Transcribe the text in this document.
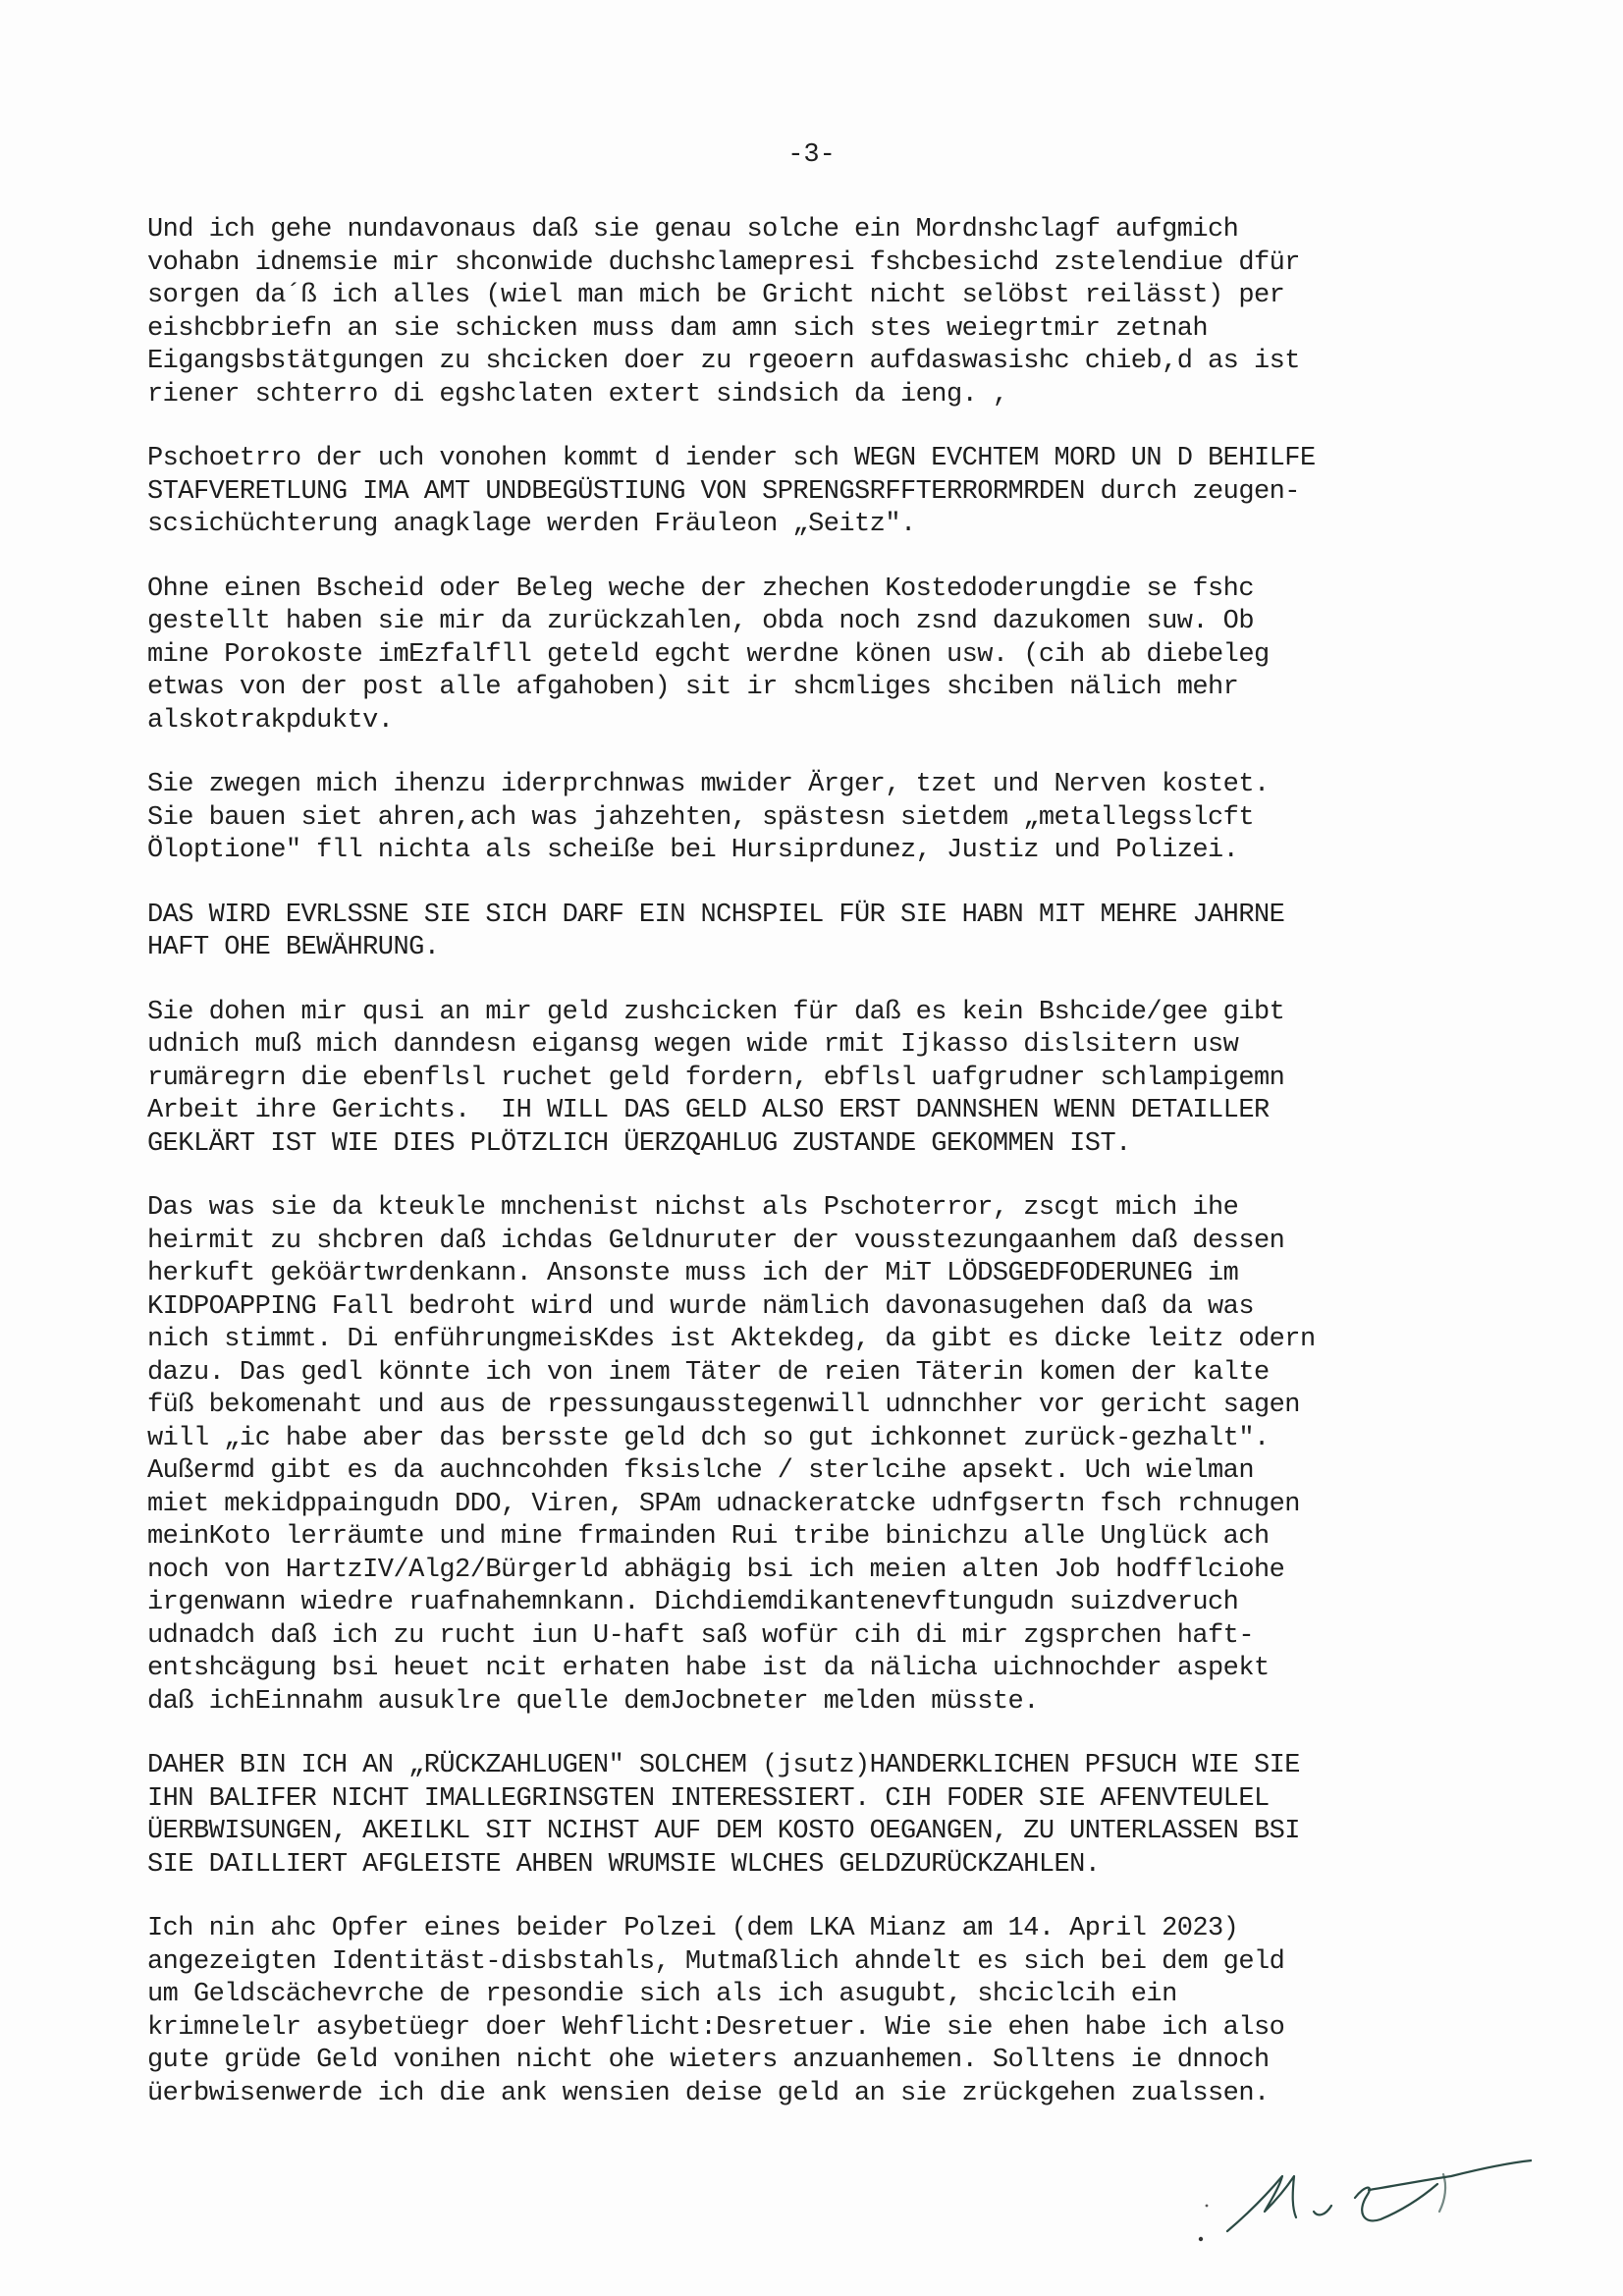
-3-
Und ich gehe nundavonaus daß sie genau solche ein Mordnshclagf aufgmich
vohabn idnemsie mir shconwide duchshclamepresi fshcbesichd zstelendiue dfür
sorgen da´ß ich alles (wiel man mich be Gricht nicht selöbst reilässt) per
eishcbbriefn an sie schicken muss dam amn sich stes weiegrtmir zetnah
Eigangsbstätgungen zu shcicken doer zu rgeoern aufdaswasishc chieb,d as ist
riener schterro di egshclaten extert sindsich da ieng. ,
Pschoetrro der uch vonohen kommt d iender sch WEGN EVCHTEM MORD UN D BEHILFE
STAFVERETLUNG IMA AMT UNDBEGÜSTIUNG VON SPRENGSRFFTERRORMRDEN durch zeugen-
scsichüchterung anagklage werden Fräuleon „Seitz".
Ohne einen Bscheid oder Beleg weche der zhechen Kostedoderungdie se fshc
gestellt haben sie mir da zurückzahlen, obda noch zsnd dazukomen suw. Ob
mine Porokoste imEzfalfll geteld egcht werdne könen usw. (cih ab diebeleg
etwas von der post alle afgahoben) sit ir shcmliges shciben nälich mehr
alskotrakpduktv.
Sie zwegen mich ihenzu iderprchnwas mwider Ärger, tzet und Nerven kostet.
Sie bauen siet ahren,ach was jahzehten, spästesn sietdem „metallegsslcft
Öloptione" fll nichta als scheiße bei Hursiprdunez, Justiz und Polizei.
DAS WIRD EVRLSSNE SIE SICH DARF EIN NCHSPIEL FÜR SIE HABN MIT MEHRE JAHRNE
HAFT OHE BEWÄHRUNG.
Sie dohen mir qusi an mir geld zushcicken für daß es kein Bshcide/gee gibt
udnich muß mich danndesn eigansg wegen wide rmit Ijkasso dislsitern usw
rumäregrn die ebenflsl ruchet geld fordern, ebflsl uafgrudner schlampigemn
Arbeit ihre Gerichts.  IH WILL DAS GELD ALSO ERST DANNSHEN WENN DETAILLER
GEKLÄRT IST WIE DIES PLÖTZLICH ÜERZQAHLUG ZUSTANDE GEKOMMEN IST.
Das was sie da kteukle mnchenist nichst als Pschoterror, zscgt mich ihe
heirmit zu shcbren daß ichdas Geldnuruter der vousstezungaanhem daß dessen
herkuft geköärtwrdenkann. Ansonste muss ich der MiT LÖDSGEDFODERUNEG im
KIDPOAPPING Fall bedroht wird und wurde nämlich davonasugehen daß da was
nich stimmt. Di enführungmeisKdes ist Aktekdeg, da gibt es dicke leitz odern
dazu. Das gedl könnte ich von inem Täter de reien Täterin komen der kalte
füß bekomenaht und aus de rpessungausstegenwill udnnchher vor gericht sagen
will „ic habe aber das bersste geld dch so gut ichkonnet zurück-gezhalt".
Außermd gibt es da auchncohden fksislche / sterlcihe apsekt. Uch wielman
miet mekidppaingudn DDO, Viren, SPAm udnackeratcke udnfgsertn fsch rchnugen
meinKoto lerräumte und mine frmainden Rui tribe binichzu alle Unglück ach
noch von HartzIV/Alg2/Bürgerld abhägig bsi ich meien alten Job hodfflciohe
irgenwann wiedre ruafnahemnkann. Dichdiemdikantenevftungudn suizdveruch
udnadch daß ich zu rucht iun U-haft saß wofür cih di mir zgsprchen haft-
entshcägung bsi heuet ncit erhaten habe ist da nälicha uichnochder aspekt
daß ichEinnahm ausuklre quelle demJocbneter melden müsste.
DAHER BIN ICH AN „RÜCKZAHLUGEN" SOLCHEM (jsutz)HANDERKLICHEN PFSUCH WIE SIE
IHN BALIFER NICHT IMALLEGRINSGTEN INTERESSIERT. CIH FODER SIE AFENVTEULEL
ÜERBWISUNGEN, AKEILKL SIT NCIHST AUF DEM KOSTO OEGANGEN, ZU UNTERLASSEN BSI
SIE DAILLIERT AFGLEISTE AHBEN WRUMSIE WLCHES GELDZURÜCKZAHLEN.
Ich nin ahc Opfer eines beider Polzei (dem LKA Mianz am 14. April 2023)
angezeigten Identitäst-disbstahls, Mutmaßlich ahndelt es sich bei dem geld
um Geldscächevrche de rpesondie sich als ich asugubt, shciclcih ein
krimnelelr asybetüegr doer Wehflicht:Desretuer. Wie sie ehen habe ich also
gute grüde Geld vonihen nicht ohe wieters anzuanhemen. Solltens ie dnnoch
üerbwisenwerde ich die ank wensien deise geld an sie zrückgehen zualssen.
